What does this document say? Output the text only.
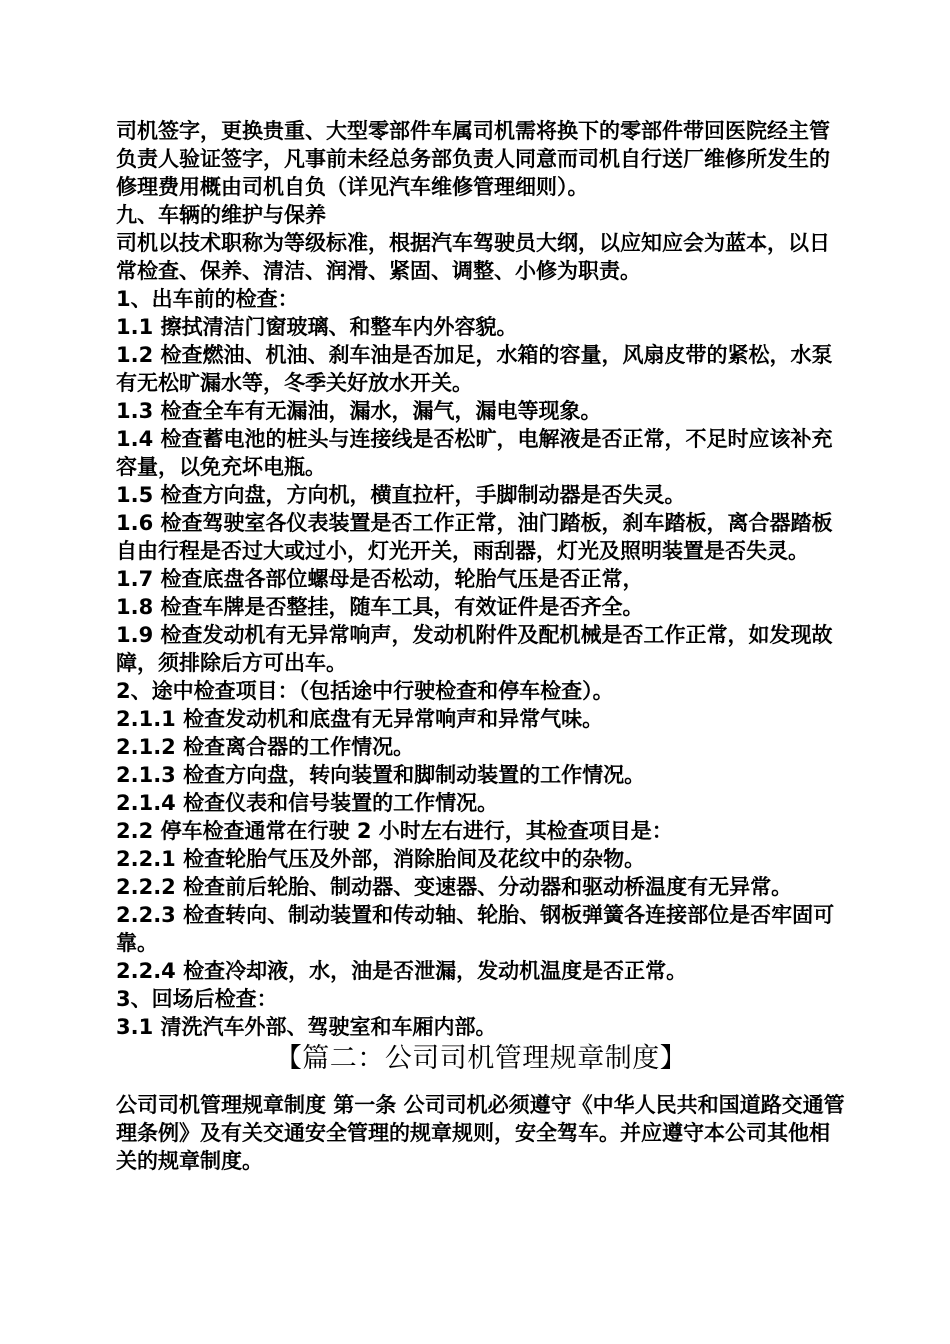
司机签字，更换贵重、大型零部件车属司机需将换下的零部件带回医院经主管负责人验证签字，凡事前未经总务部负责人同意而司机自行送厂维修所发生的修理费用概由司机自负（详见汽车维修管理细则）。

九、车辆的维护与保养

司机以技术职称为等级标准，根据汽车驾驶员大纲，以应知应会为蓝本，以日常检查、保养、清洁、润滑、紧固、调整、小修为职责。

1、出车前的检查：

1.1 擦拭清洁门窗玻璃、和整车内外容貌。

1.2 检查燃油、机油、刹车油是否加足，水箱的容量，风扇皮带的紧松，水泵有无松旷漏水等，冬季关好放水开关。

1.3 检查全车有无漏油，漏水，漏气，漏电等现象。

1.4 检查蓄电池的桩头与连接线是否松旷，电解液是否正常，不足时应该补充容量，以免充坏电瓶。

1.5 检查方向盘，方向机，横直拉杆，手脚制动器是否失灵。

1.6 检查驾驶室各仪表装置是否工作正常，油门踏板，刹车踏板，离合器踏板自由行程是否过大或过小，灯光开关，雨刮器，灯光及照明装置是否失灵。

1.7 检查底盘各部位螺母是否松动，轮胎气压是否正常，

1.8 检查车牌是否整挂，随车工具，有效证件是否齐全。

1.9 检查发动机有无异常响声，发动机附件及配机械是否工作正常，如发现故障，须排除后方可出车。

2、途中检查项目：（包括途中行驶检查和停车检查）。

2.1.1 检查发动机和底盘有无异常响声和异常气味。

2.1.2 检查离合器的工作情况。

2.1.3 检查方向盘，转向装置和脚制动装置的工作情况。

2.1.4 检查仪表和信号装置的工作情况。

2.2 停车检查通常在行驶 2 小时左右进行，其检查项目是：

2.2.1 检查轮胎气压及外部，消除胎间及花纹中的杂物。

2.2.2 检查前后轮胎、制动器、变速器、分动器和驱动桥温度有无异常。

2.2.3 检查转向、制动装置和传动轴、轮胎、钢板弹簧各连接部位是否牢固可靠。

2.2.4 检查冷却液，水，油是否泄漏，发动机温度是否正常。

3、回场后检查：

3.1 清洗汽车外部、驾驶室和车厢内部。

【篇二：公司司机管理规章制度】

公司司机管理规章制度 第一条 公司司机必须遵守《中华人民共和国道路交通管理条例》及有关交通安全管理的规章规则，安全驾车。并应遵守本公司其他相关的规章制度。
